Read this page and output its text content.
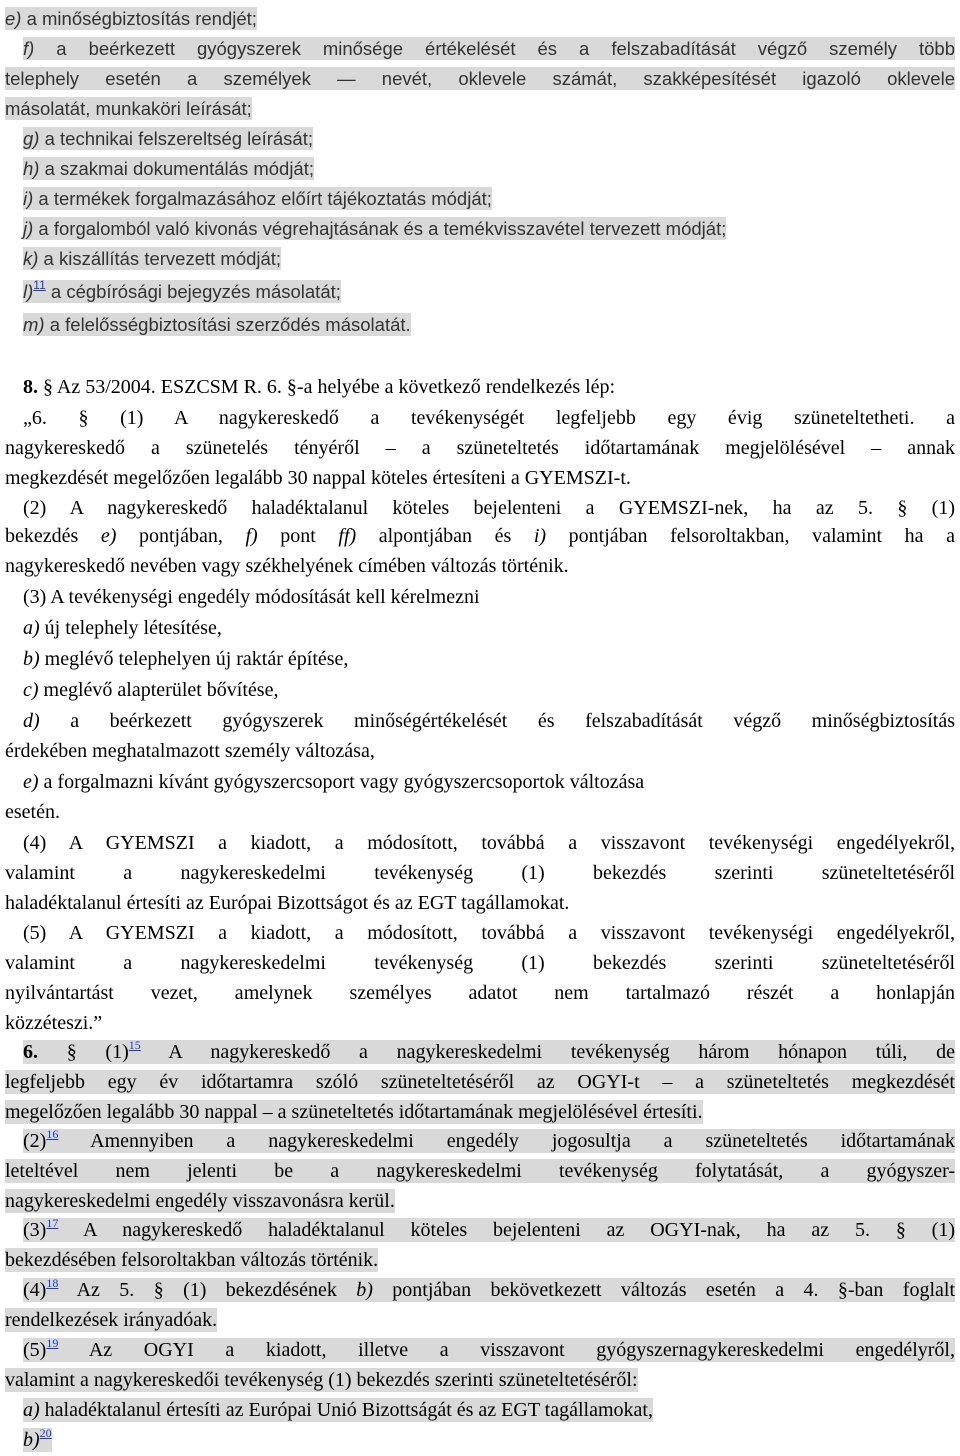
e) a minőségbiztosítás rendjét;
f) a beérkezett gyógyszerek minősége értékelését és a felszabadítását végző személy több
telephely esetén a személyek — nevét, oklevele számát, szakképesítését igazoló oklevele
másolatát, munkaköri leírását;
g) a technikai felszereltség leírását;
h) a szakmai dokumentálás módját;
i) a termékek forgalmazásához előírt tájékoztatás módját;
j) a forgalomból való kivonás végrehajtásának és a temékvisszavétel tervezett módját;
k) a kiszállítás tervezett módját;
l)$^{11}$ a cégbírósági bejegyzés másolatát;
m) a felelősségbiztosítási szerződés másolatát.
8. § Az 53/2004. ESZCSM R. 6. §-a helyébe a következő rendelkezés lép:
„6. § (1) A nagykereskedő a tevékenységét legfeljebb egy évig szüneteltetheti. a
nagykereskedő a szünetelés tényéről – a szüneteltetés időtartamának megjelölésével – annak
megkezdését megelőzően legalább 30 nappal köteles értesíteni a GYEMSZI-t.
(2) A nagykereskedő haladéktalanul köteles bejelenteni a GYEMSZI-nek, ha az 5. § (1)
bekezdés e) pontjában, f) pont ff) alpontjában és i) pontjában felsoroltakban, valamint ha a
nagykereskedő nevében vagy székhelyének címében változás történik.
(3) A tevékenységi engedély módosítását kell kérelmezni
a) új telephely létesítése,
b) meglévő telephelyen új raktár építése,
c) meglévő alapterület bővítése,
d) a beérkezett gyógyszerek minőségértékelését és felszabadítását végző minőségbiztosítás
érdekében meghatalmazott személy változása,
e) a forgalmazni kívánt gyógyszercsoport vagy gyógyszercsoportok változása
esetén.
(4) A GYEMSZI a kiadott, a módosított, továbbá a visszavont tevékenységi engedélyekről,
valamint a nagykereskedelmi tevékenység (1) bekezdés szerinti szüneteltetéséről
haladéktalanul értesíti az Európai Bizottságot és az EGT tagállamokat.
(5) A GYEMSZI a kiadott, a módosított, továbbá a visszavont tevékenységi engedélyekről,
valamint a nagykereskedelmi tevékenység (1) bekezdés szerinti szüneteltetéséről
nyilvántartást vezet, amelynek személyes adatot nem tartalmazó részét a honlapján
közzéteszi.”
6. § (1)$^{15}$ A nagykereskedő a nagykereskedelmi tevékenység három hónapon túli, de
legfeljebb egy év időtartamra szóló szüneteltetéséről az OGYI-t – a szüneteltetés megkezdését
megelőzően legalább 30 nappal – a szüneteltetés időtartamának megjelölésével értesíti.
(2)$^{16}$ Amennyiben a nagykereskedelmi engedély jogosultja a szüneteltetés időtartamának
leteltével nem jelenti be a nagykereskedelmi tevékenység folytatását, a gyógyszer-
nagykereskedelmi engedély visszavonásra kerül.
(3)$^{17}$ A nagykereskedő haladéktalanul köteles bejelenteni az OGYI-nak, ha az 5. § (1)
bekezdésében felsoroltakban változás történik.
(4)$^{18}$ Az 5. § (1) bekezdésének b) pontjában bekövetkezett változás esetén a 4. §-ban foglalt
rendelkezések irányadóak.
(5)$^{19}$ Az OGYI a kiadott, illetve a visszavont gyógyszernagykereskedelmi engedélyről,
valamint a nagykereskedői tevékenység (1) bekezdés szerinti szüneteltetéséről:
a) haladéktalanul értesíti az Európai Unió Bizottságát és az EGT tagállamokat,
b)$^{20}$
